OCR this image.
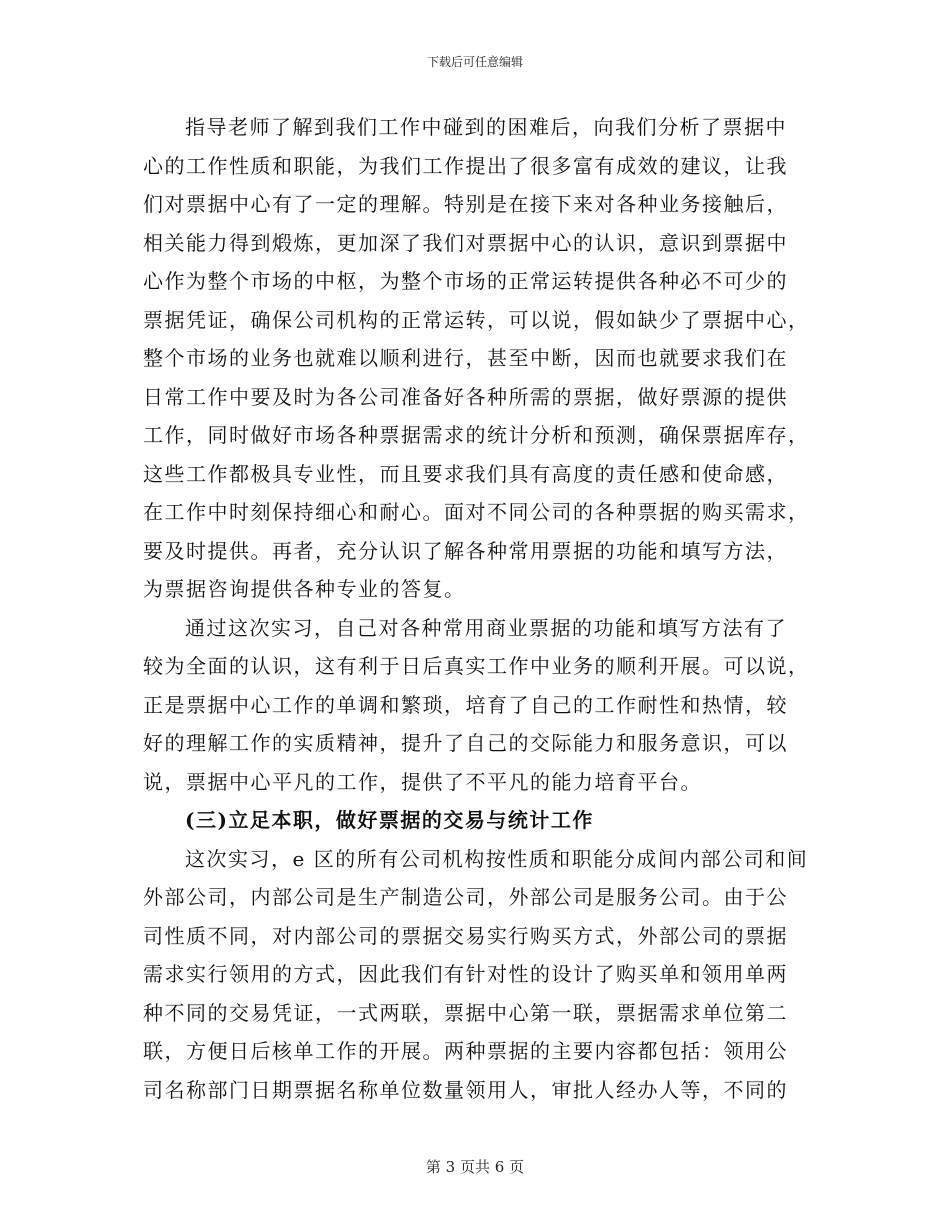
下载后可任意编辑
指导老师了解到我们工作中碰到的困难后，向我们分析了票据中
心的工作性质和职能，为我们工作提出了很多富有成效的建议，让我
们对票据中心有了一定的理解。特别是在接下来对各种业务接触后，
相关能力得到煅炼，更加深了我们对票据中心的认识，意识到票据中
心作为整个市场的中枢，为整个市场的正常运转提供各种必不可少的
票据凭证，确保公司机构的正常运转，可以说，假如缺少了票据中心，
整个市场的业务也就难以顺利进行，甚至中断，因而也就要求我们在
日常工作中要及时为各公司准备好各种所需的票据，做好票源的提供
工作，同时做好市场各种票据需求的统计分析和预测，确保票据库存，
这些工作都极具专业性，而且要求我们具有高度的责任感和使命感，
在工作中时刻保持细心和耐心。面对不同公司的各种票据的购买需求，
要及时提供。再者，充分认识了解各种常用票据的功能和填写方法，
为票据咨询提供各种专业的答复。
通过这次实习，自己对各种常用商业票据的功能和填写方法有了
较为全面的认识，这有利于日后真实工作中业务的顺利开展。可以说，
正是票据中心工作的单调和繁琐，培育了自己的工作耐性和热情，较
好的理解工作的实质精神，提升了自己的交际能力和服务意识，可以
说，票据中心平凡的工作，提供了不平凡的能力培育平台。
(三)立足本职，做好票据的交易与统计工作
这次实习，e 区的所有公司机构按性质和职能分成间内部公司和间
外部公司，内部公司是生产制造公司，外部公司是服务公司。由于公
司性质不同，对内部公司的票据交易实行购买方式，外部公司的票据
需求实行领用的方式，因此我们有针对性的设计了购买单和领用单两
种不同的交易凭证，一式两联，票据中心第一联，票据需求单位第二
联，方便日后核单工作的开展。两种票据的主要内容都包括：领用公
司名称部门日期票据名称单位数量领用人，审批人经办人等，不同的
第 3 页共 6 页
